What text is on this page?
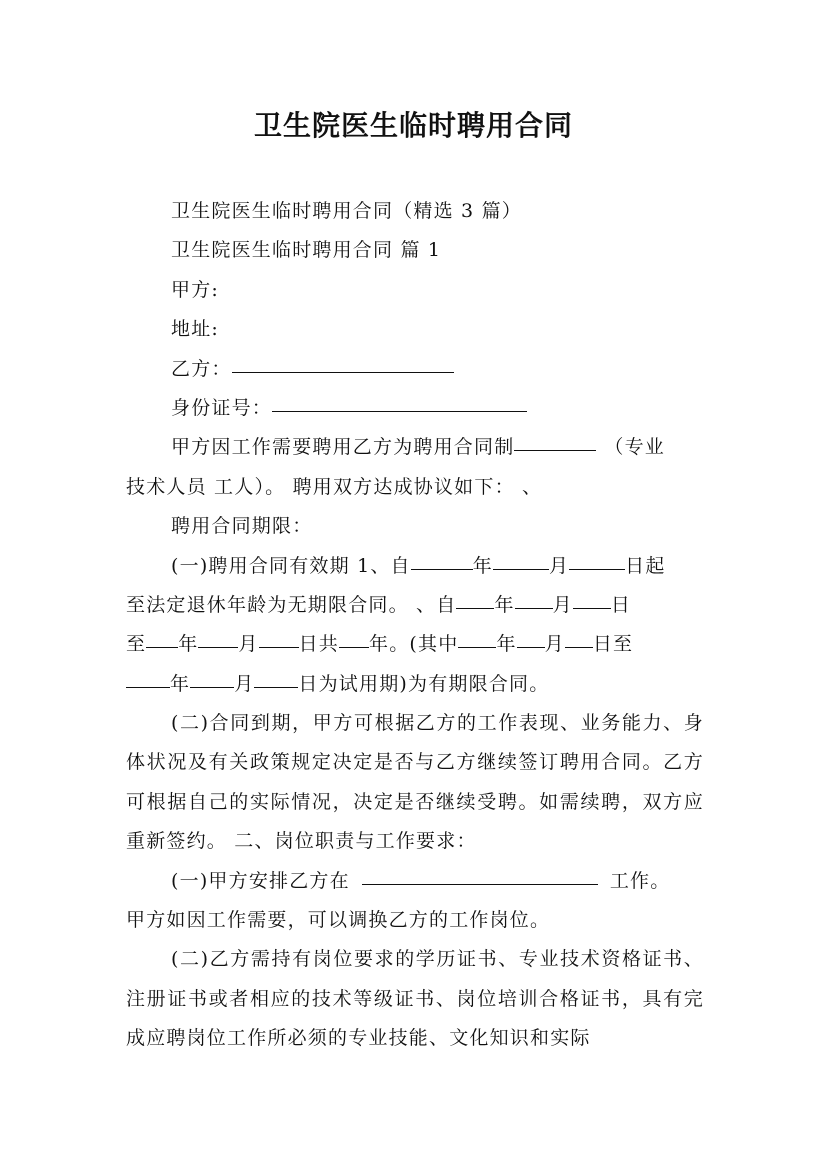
卫生院医生临时聘用合同
卫生院医生临时聘用合同（精选 3 篇）
卫生院医生临时聘用合同 篇 1
甲方:
地址:
乙方：
身份证号：
甲方因工作需要聘用乙方为聘用合同制	（专业
技术人员 工人）。 聘用双方达成协议如下： 、
聘用合同期限：
(一)聘用合同有效期 1、自	年	月	日起
至法定退休年龄为无期限合同。 、自 年 月 日
至 年 月 日共 年。(其中 年 月 日至
年 月 日为试用期)为有期限合同。
(二)合同到期，甲方可根据乙方的工作表现、业务能力、身体状况及有关政策规定决定是否与乙方继续签订聘用合同。乙方可根据自己的实际情况，决定是否继续受聘。如需续聘，双方应重新签约。 二、岗位职责与工作要求：
(一)甲方安排乙方在	工作。
甲方如因工作需要，可以调换乙方的工作岗位。
(二)乙方需持有岗位要求的学历证书、专业技术资格证书、注册证书或者相应的技术等级证书、岗位培训合格证书，具有完成应聘岗位工作所必须的专业技能、文化知识和实际
